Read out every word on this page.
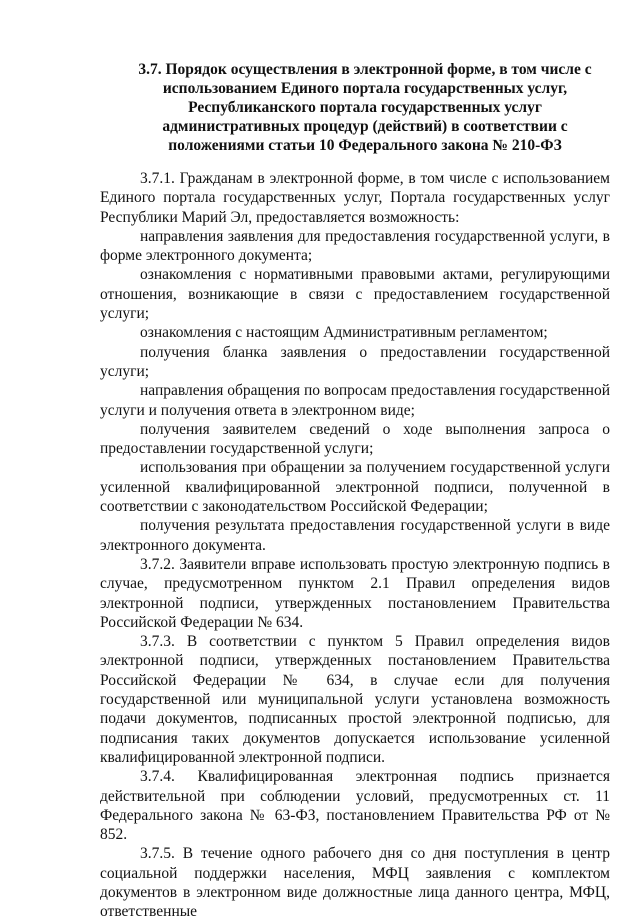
3.7. Порядок осуществления в электронной форме, в том числе с использованием Единого портала государственных услуг, Республиканского портала государственных услуг административных процедур (действий) в соответствии с положениями статьи 10 Федерального закона № 210-ФЗ

3.7.1. Гражданам в электронной форме, в том числе с использованием Единого портала государственных услуг, Портала государственных услуг Республики Марий Эл, предоставляется возможность:

направления заявления для предоставления государственной услуги, в форме электронного документа;

ознакомления с нормативными правовыми актами, регулирующими отношения, возникающие в связи с предоставлением государственной услуги;

ознакомления с настоящим Административным регламентом;

получения бланка заявления о предоставлении государственной услуги;

направления обращения по вопросам предоставления государственной услуги и получения ответа в электронном виде;

получения заявителем сведений о ходе выполнения запроса о предоставлении государственной услуги;

использования при обращении за получением государственной услуги усиленной квалифицированной электронной подписи, полученной в соответствии с законодательством Российской Федерации;

получения результата предоставления государственной услуги в виде электронного документа.

3.7.2. Заявители вправе использовать простую электронную подпись в случае, предусмотренном пунктом 2.1 Правил определения видов электронной подписи, утвержденных постановлением Правительства Российской Федерации № 634.

3.7.3. В соответствии с пунктом 5 Правил определения видов электронной подписи, утвержденных постановлением Правительства Российской Федерации № 634, в случае если для получения государственной или муниципальной услуги установлена возможность подачи документов, подписанных простой электронной подписью, для подписания таких документов допускается использование усиленной квалифицированной электронной подписи.

3.7.4. Квалифицированная электронная подпись признается действительной при соблюдении условий, предусмотренных ст. 11 Федерального закона № 63-ФЗ, постановлением Правительства РФ от № 852.

3.7.5. В течение одного рабочего дня со дня поступления в центр социальной поддержки населения, МФЦ заявления с комплектом документов в электронном виде должностные лица данного центра, МФЦ, ответственные
